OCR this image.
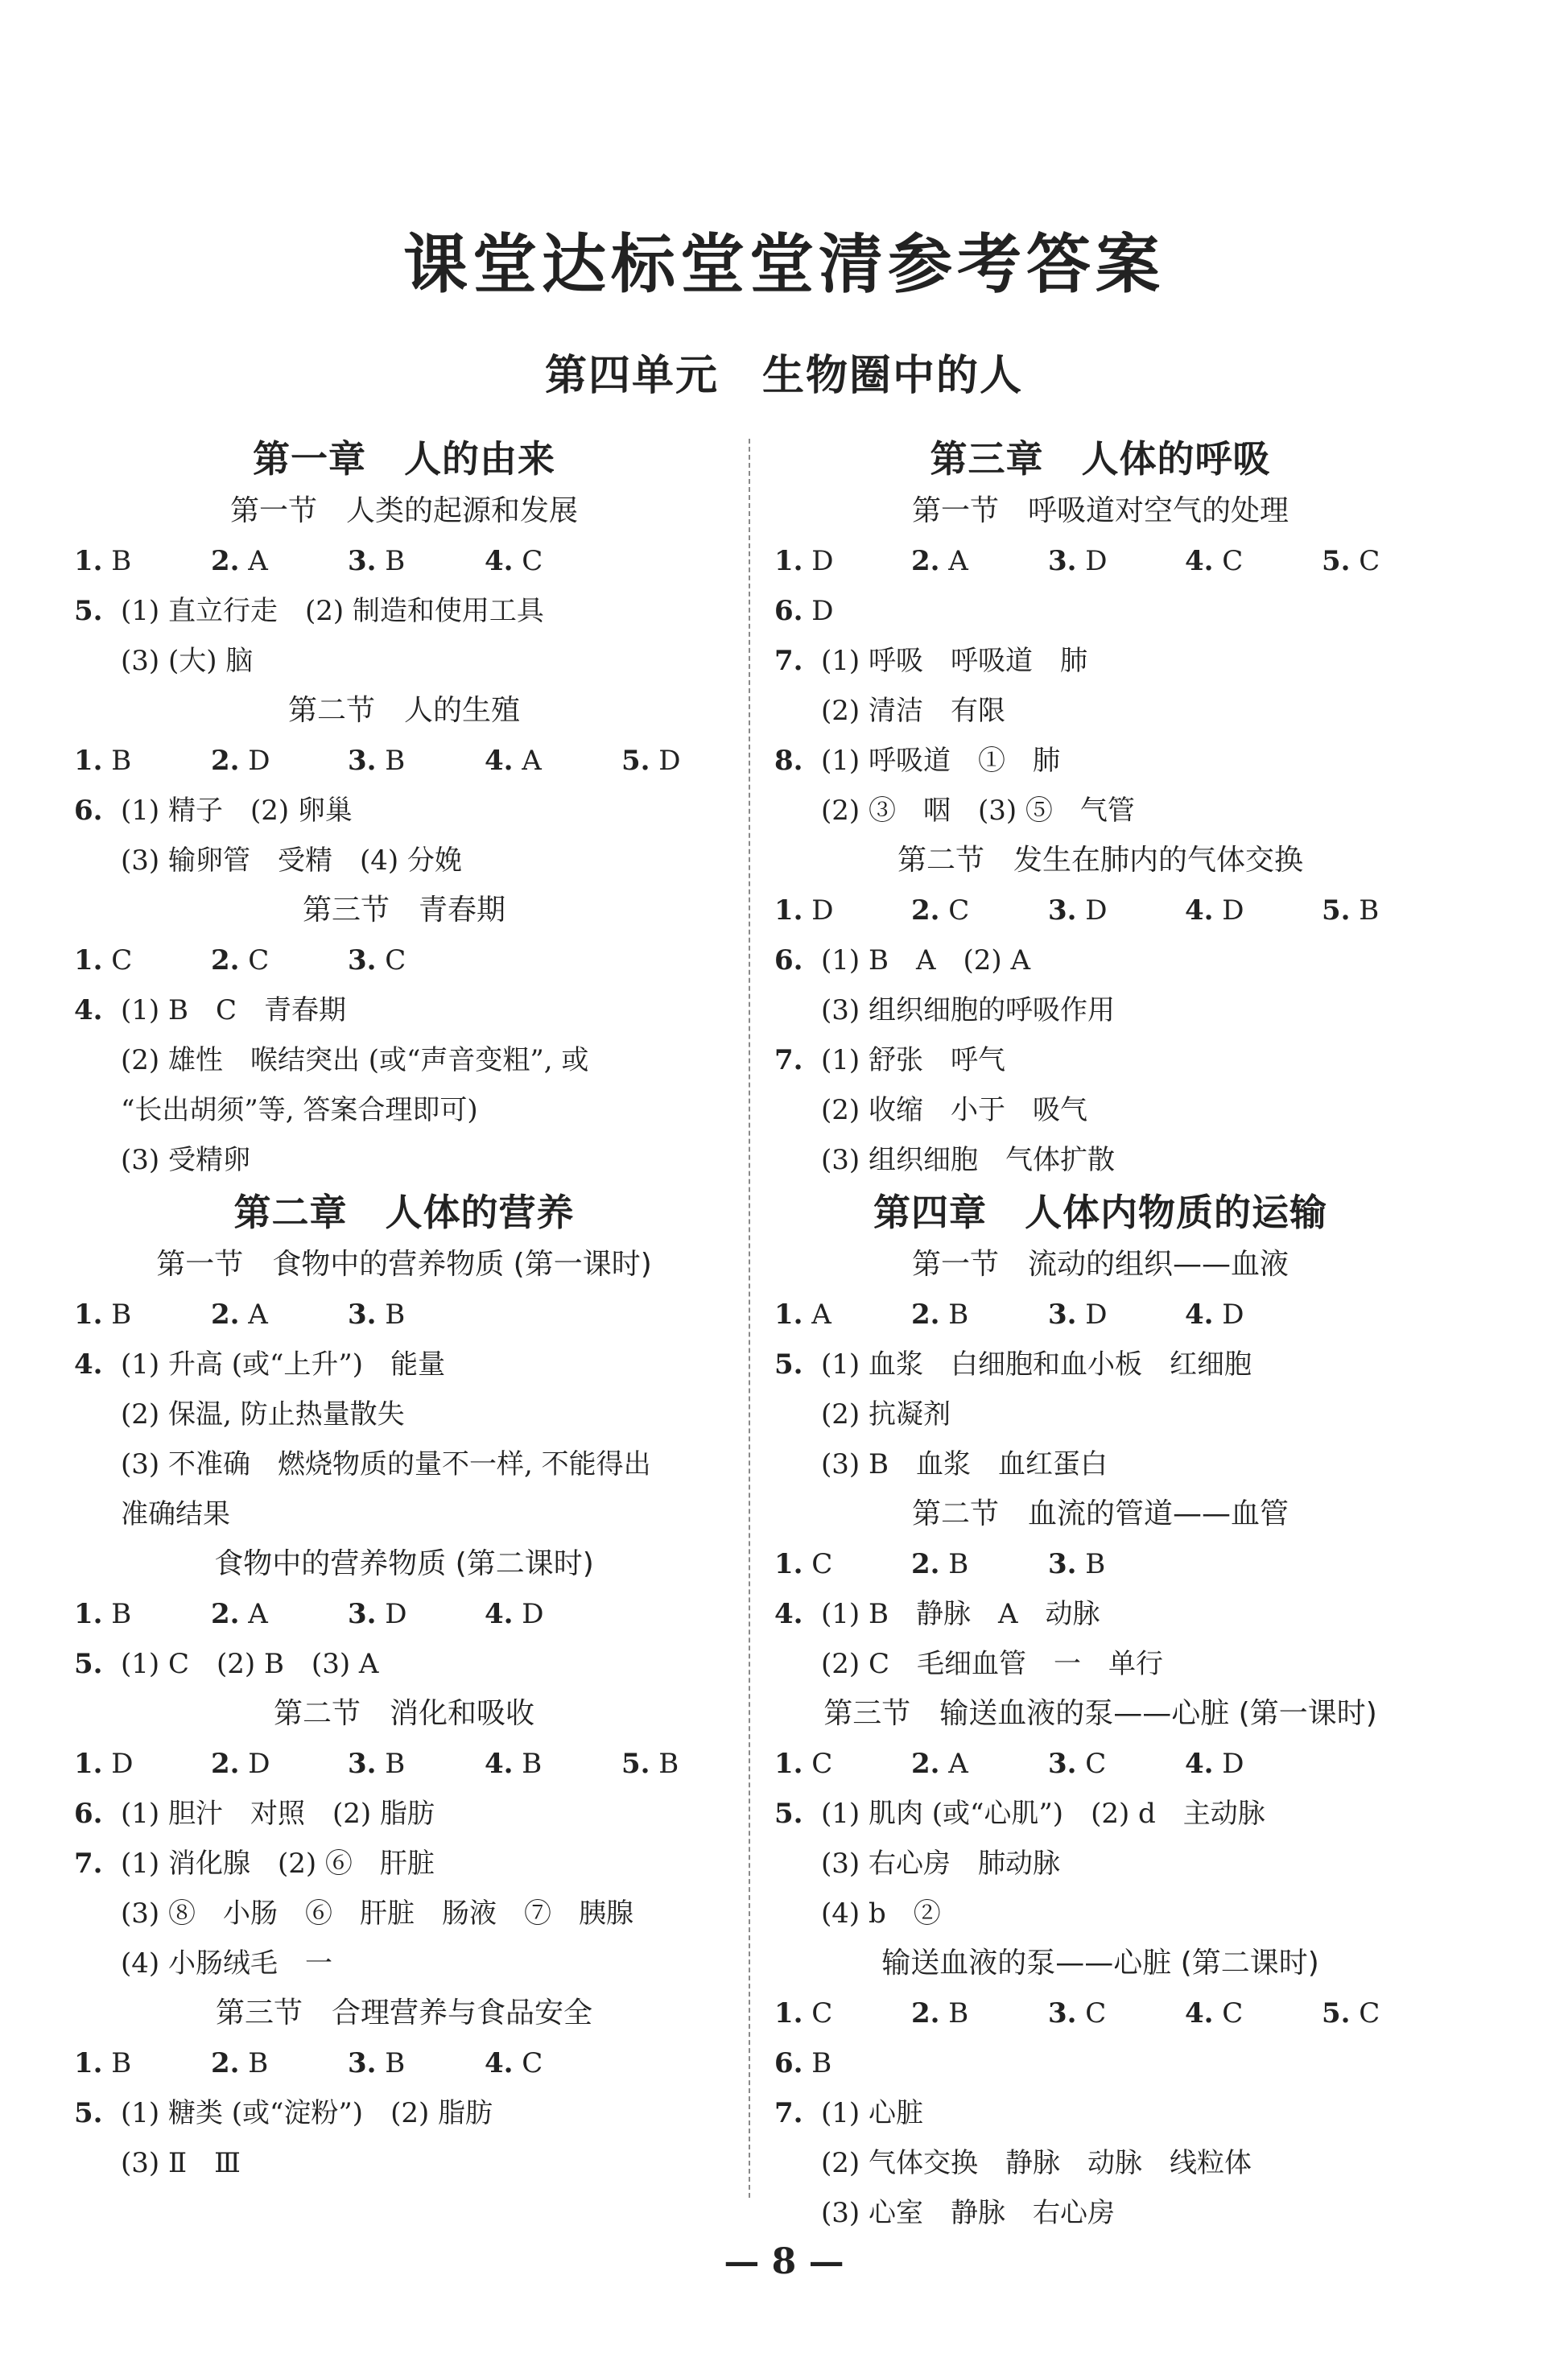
课堂达标堂堂清参考答案
第四单元　生物圈中的人
第一章　人的由来
第一节　人类的起源和发展
1. B	2. A	3. B	4. C
5. (1) 直立行走　(2) 制造和使用工具
(3) (大) 脑
第二节　人的生殖
1. B	2. D	3. B	4. A	5. D
6. (1) 精子　(2) 卵巢
(3) 输卵管　受精　(4) 分娩
第三节　青春期
1. C	2. C	3. C
4. (1) B　C　青春期
(2) 雄性　喉结突出 (或“声音变粗”, 或
“长出胡须”等, 答案合理即可)
(3) 受精卵
第二章　人体的营养
第一节　食物中的营养物质 (第一课时)
1. B	2. A	3. B
4. (1) 升高 (或“上升”)　能量
(2) 保温, 防止热量散失
(3) 不准确　燃烧物质的量不一样, 不能得出
准确结果
食物中的营养物质 (第二课时)
1. B	2. A	3. D	4. D
5. (1) C　(2) B　(3) A
第二节　消化和吸收
1. D	2. D	3. B	4. B	5. B
6. (1) 胆汁　对照　(2) 脂肪
7. (1) 消化腺　(2) ⑥　肝脏
(3) ⑧　小肠　⑥　肝脏　肠液　⑦　胰腺
(4) 小肠绒毛　一
第三节　合理营养与食品安全
1. B	2. B	3. B	4. C
5. (1) 糖类 (或“淀粉”)　(2) 脂肪
(3) Ⅱ　Ⅲ
第三章　人体的呼吸
第一节　呼吸道对空气的处理
1. D	2. A	3. D	4. C	5. C
6. D
7. (1) 呼吸　呼吸道　肺
(2) 清洁　有限
8. (1) 呼吸道　①　肺
(2) ③　咽　(3) ⑤　气管
第二节　发生在肺内的气体交换
1. D	2. C	3. D	4. D	5. B
6. (1) B　A　(2) A
(3) 组织细胞的呼吸作用
7. (1) 舒张　呼气
(2) 收缩　小于　吸气
(3) 组织细胞　气体扩散
第四章　人体内物质的运输
第一节　流动的组织——血液
1. A	2. B	3. D	4. D
5. (1) 血浆　白细胞和血小板　红细胞
(2) 抗凝剂
(3) B　血浆　血红蛋白
第二节　血流的管道——血管
1. C	2. B	3. B
4. (1) B　静脉　A　动脉
(2) C　毛细血管　一　单行
第三节　输送血液的泵——心脏 (第一课时)
1. C	2. A	3. C	4. D
5. (1) 肌肉 (或“心肌”)　(2) d　主动脉
(3) 右心房　肺动脉
(4) b　②
输送血液的泵——心脏 (第二课时)
1. C	2. B	3. C	4. C	5. C
6. B
7. (1) 心脏
(2) 气体交换　静脉　动脉　线粒体
(3) 心室　静脉　右心房
— 8 —
